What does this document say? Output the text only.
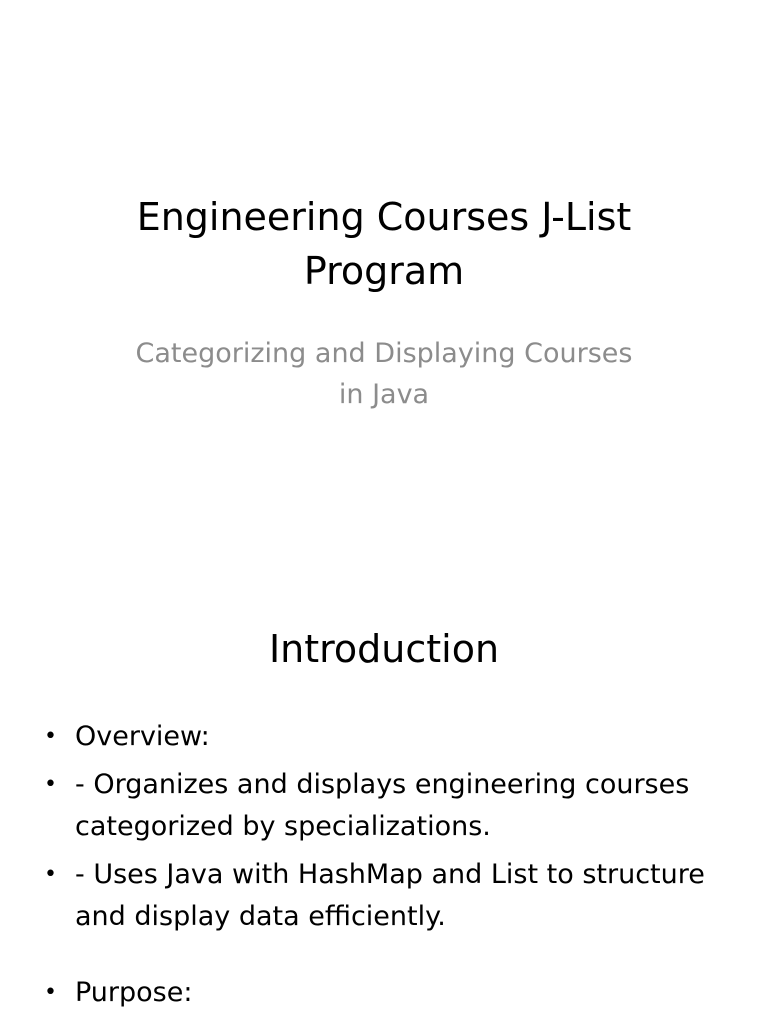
Engineering Courses J-List Program
Categorizing and Displaying Courses in Java
Introduction
• Overview:
• - Organizes and displays engineering courses categorized by specializations.
• - Uses Java with HashMap and List to structure and display data efficiently.
• Purpose:
